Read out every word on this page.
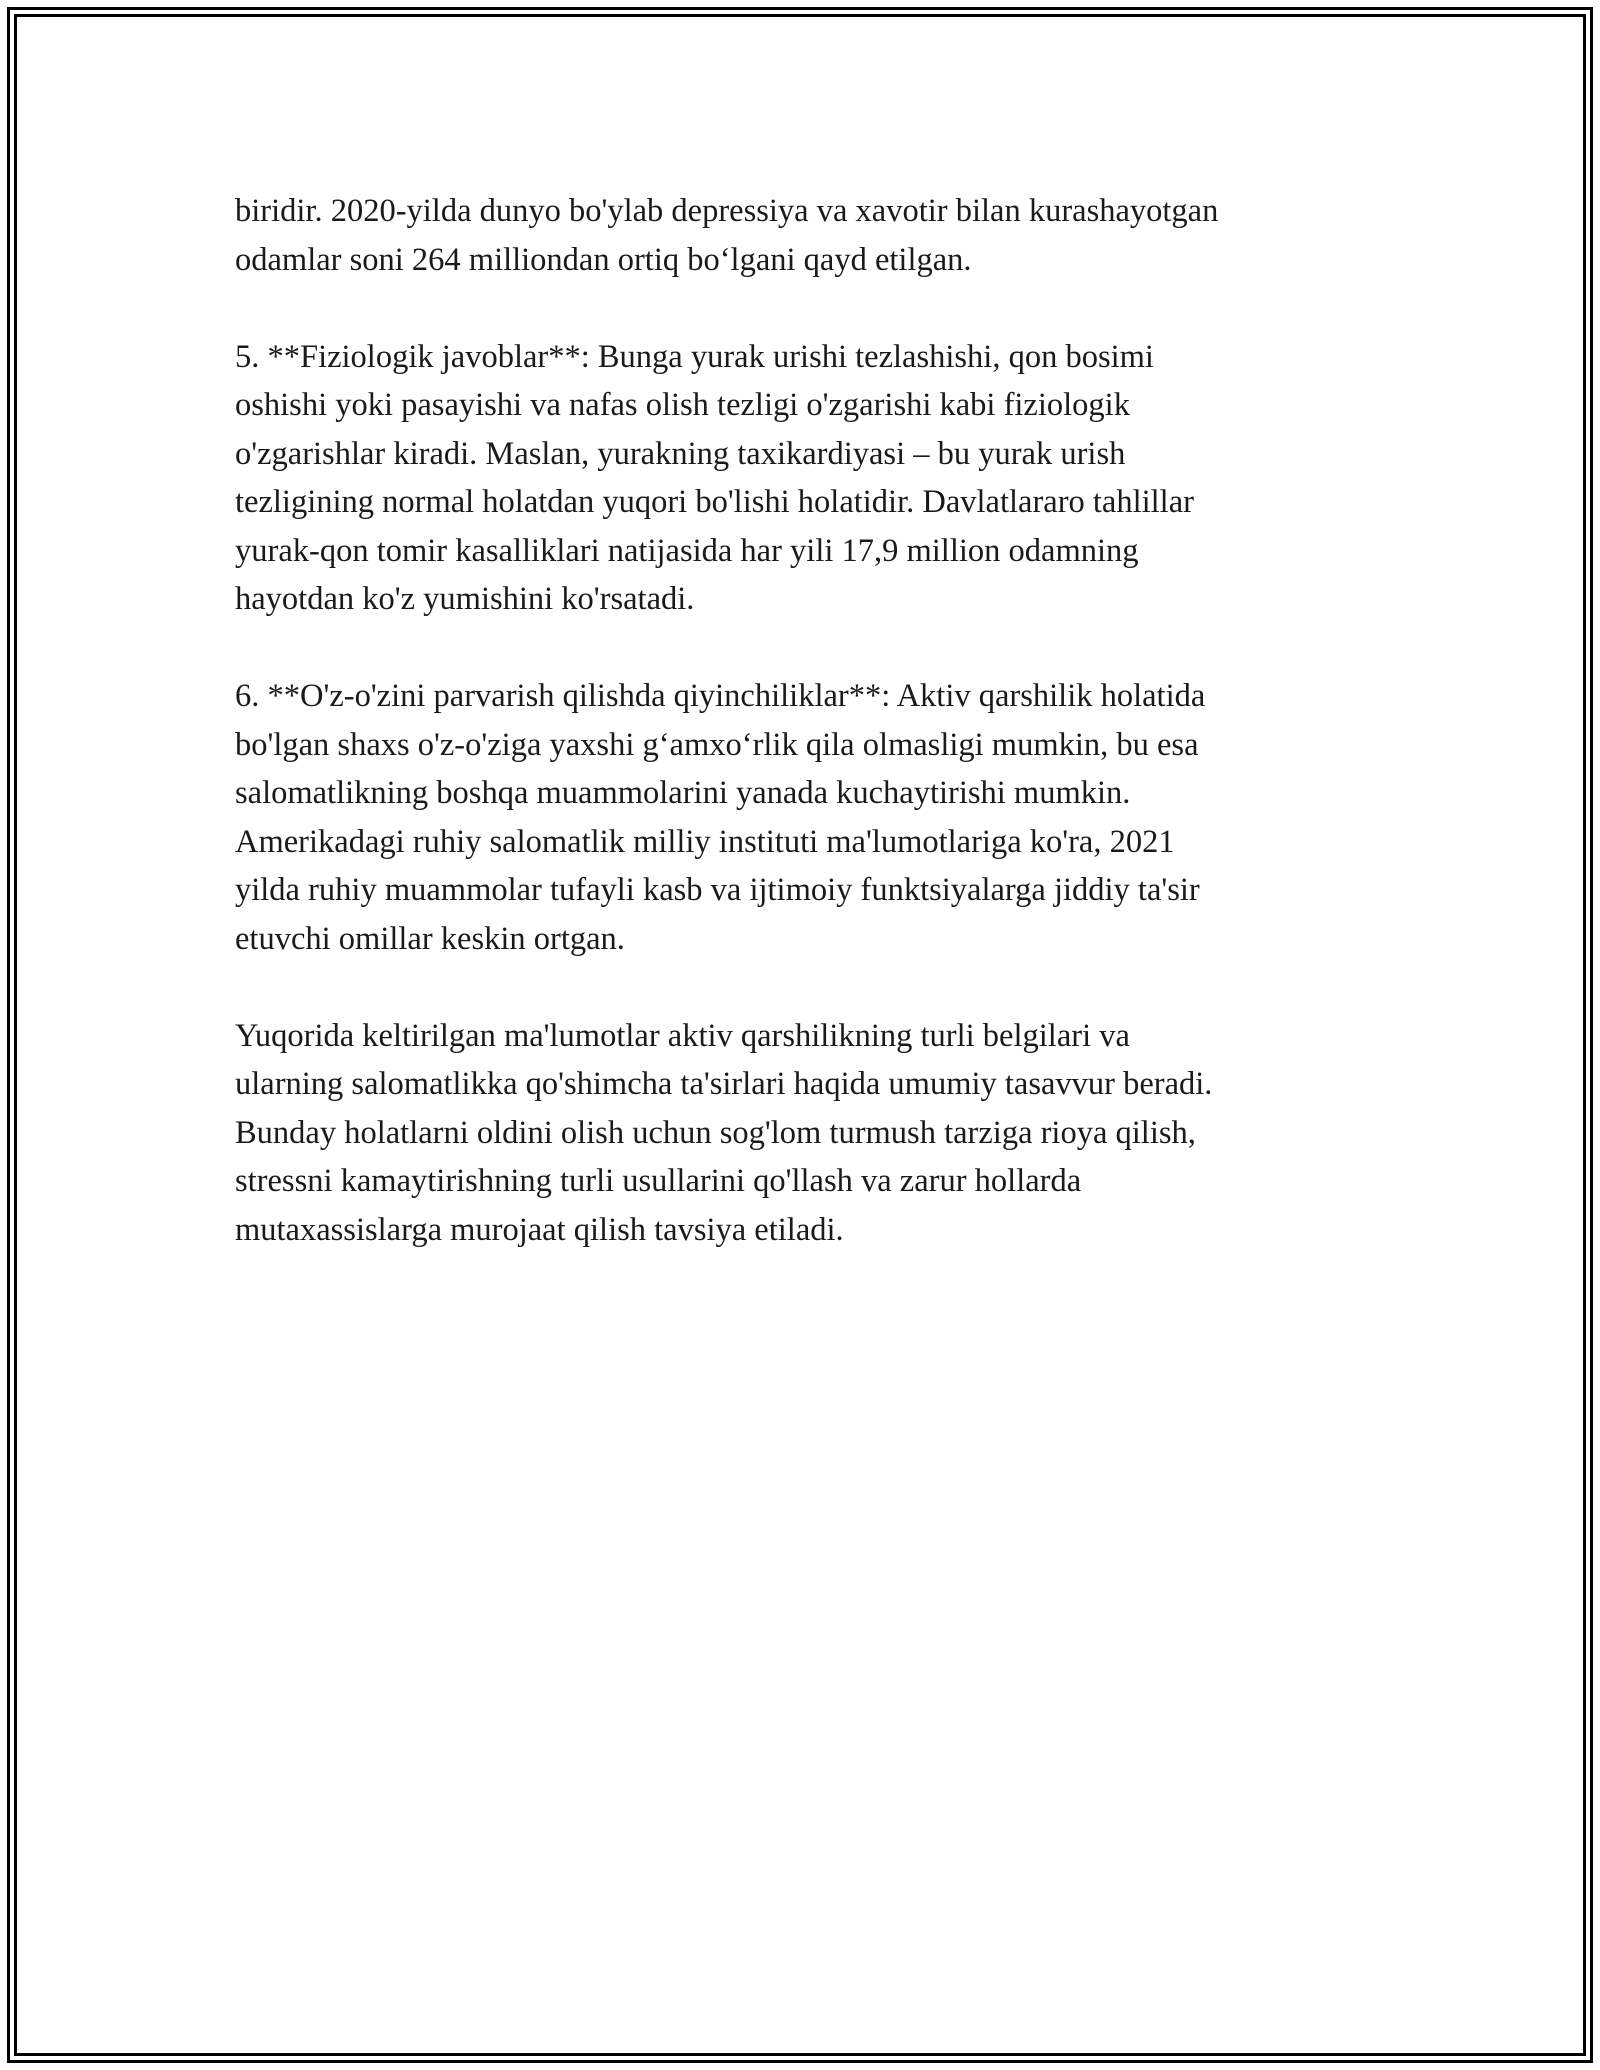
biridir. 2020-yilda dunyo bo'ylab depressiya va xavotir bilan kurashayotgan
odamlar soni 264 milliondan ortiq bo‘lgani qayd etilgan.

5. **Fiziologik javoblar**: Bunga yurak urishi tezlashishi, qon bosimi
oshishi yoki pasayishi va nafas olish tezligi o'zgarishi kabi fiziologik
o'zgarishlar kiradi. Maslan, yurakning taxikardiyasi – bu yurak urish
tezligining normal holatdan yuqori bo'lishi holatidir. Davlatlararo tahlillar
yurak-qon tomir kasalliklari natijasida har yili 17,9 million odamning
hayotdan ko'z yumishini ko'rsatadi.

6. **O'z-o'zini parvarish qilishda qiyinchiliklar**: Aktiv qarshilik holatida
bo'lgan shaxs o'z-o'ziga yaxshi g‘amxo‘rlik qila olmasligi mumkin, bu esa
salomatlikning boshqa muammolarini yanada kuchaytirishi mumkin.
Amerikadagi ruhiy salomatlik milliy instituti ma'lumotlariga ko'ra, 2021
yilda ruhiy muammolar tufayli kasb va ijtimoiy funktsiyalarga jiddiy ta'sir
etuvchi omillar keskin ortgan.

Yuqorida keltirilgan ma'lumotlar aktiv qarshilikning turli belgilari va
ularning salomatlikka qo'shimcha ta'sirlari haqida umumiy tasavvur beradi.
Bunday holatlarni oldini olish uchun sog'lom turmush tarziga rioya qilish,
stressni kamaytirishning turli usullarini qo'llash va zarur hollarda
mutaxassislarga murojaat qilish tavsiya etiladi.
